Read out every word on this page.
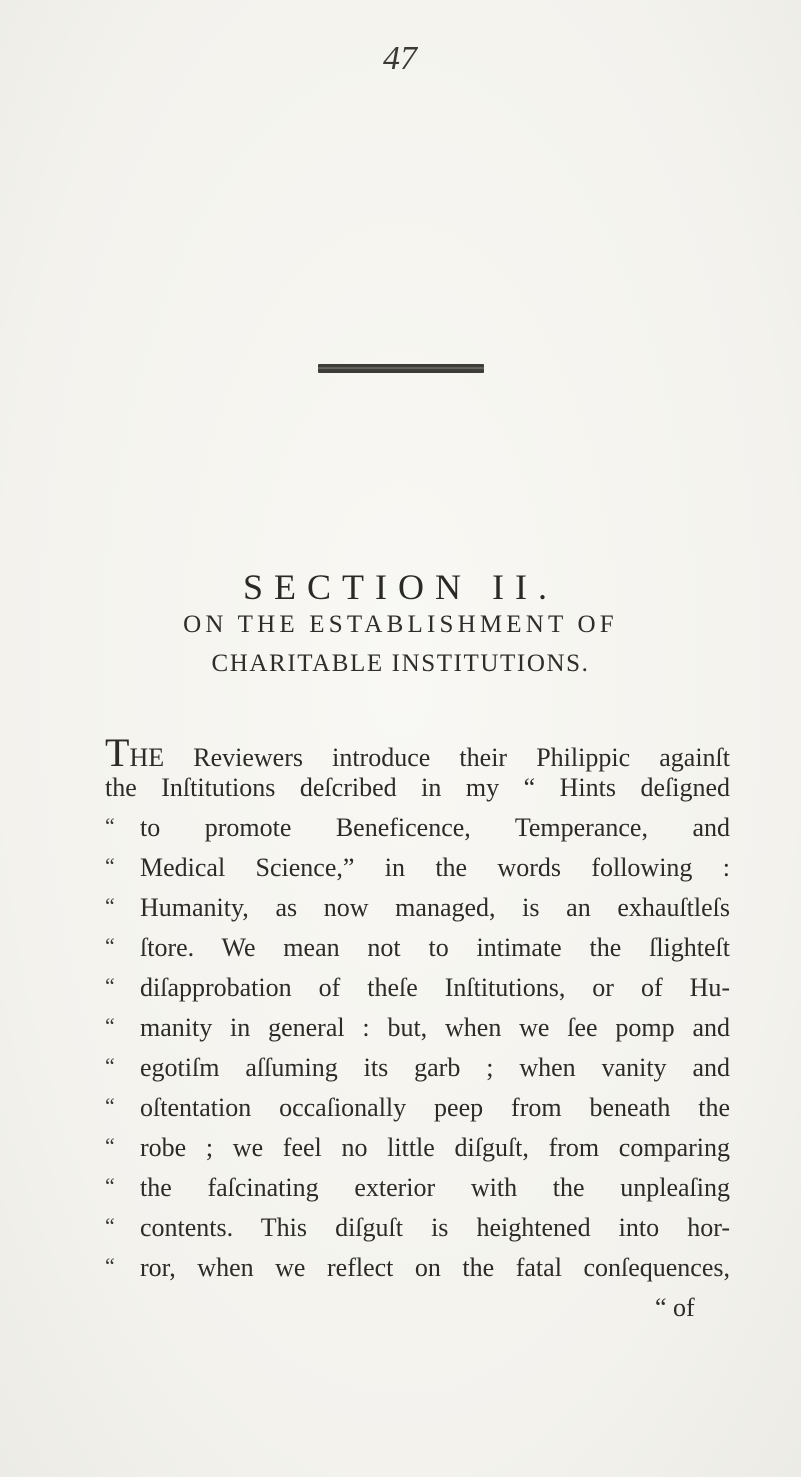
47
SECTION II.
ON THE ESTABLISHMENT OF
CHARITABLE INSTITUTIONS.
THE Reviewers introduce their Philippic againſt
the Inſtitutions deſcribed in my “ Hints deſigned
“ to promote Beneficence, Temperance, and
“ Medical Science,” in the words following :
“ Humanity, as now managed, is an exhauſtleſs
“ ſtore. We mean not to intimate the ſlighteſt
“ diſapprobation of theſe Inſtitutions, or of Hu-
“ manity in general : but, when we ſee pomp and
“ egotiſm aſſuming its garb ; when vanity and
“ oſtentation occaſionally peep from beneath the
“ robe ; we feel no little diſguſt, from comparing
“ the faſcinating exterior with the unpleaſing
“ contents. This diſguſt is heightened into hor-
“ ror, when we reflect on the fatal conſequences,
“ of
